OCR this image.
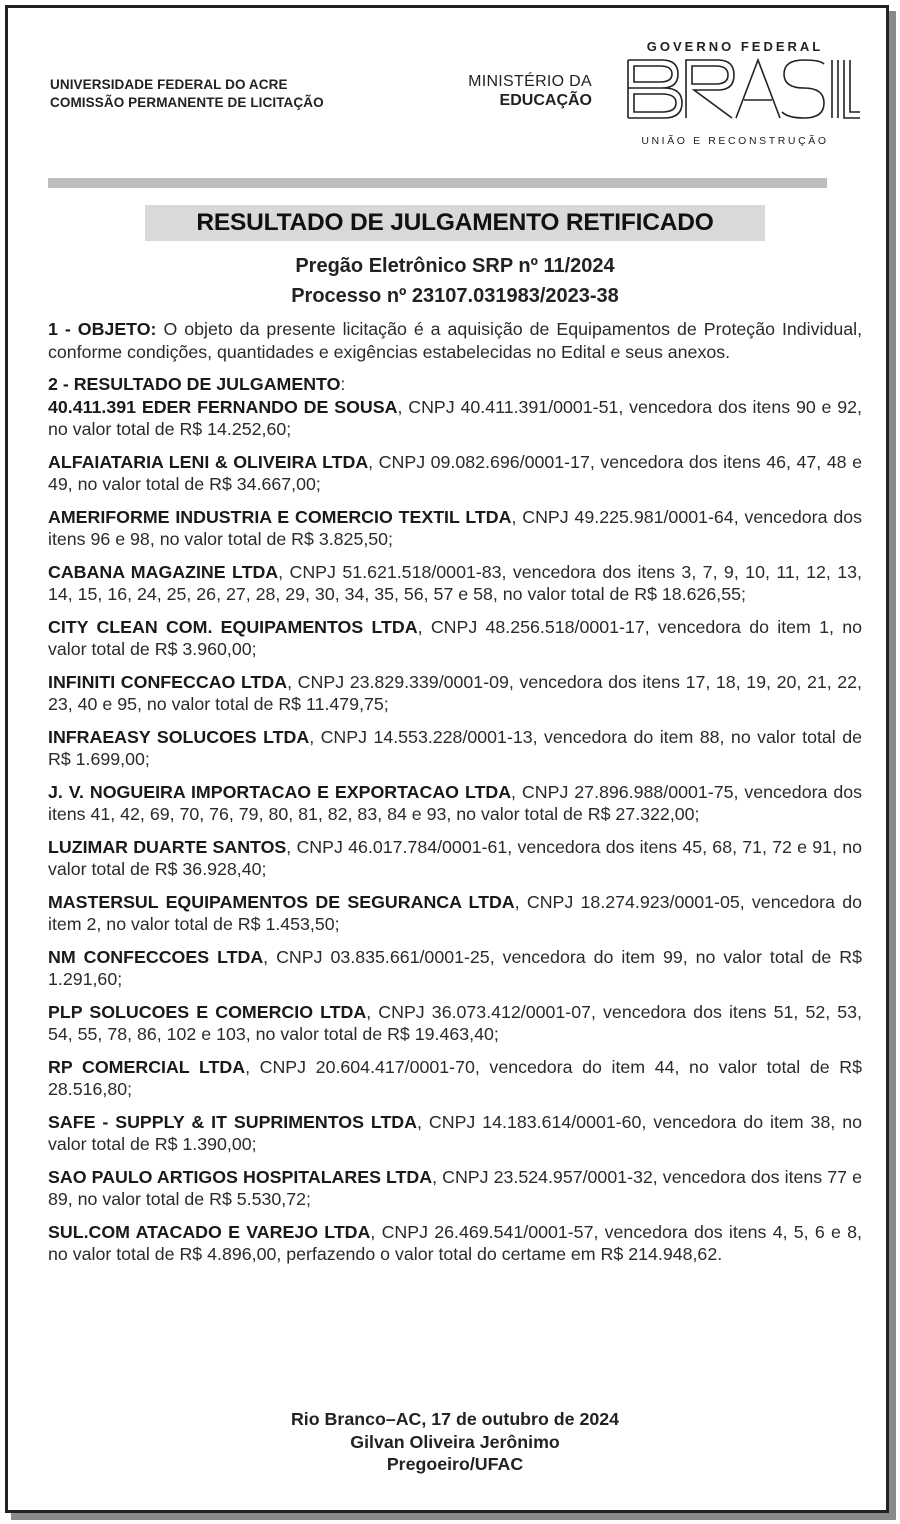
UNIVERSIDADE FEDERAL DO ACRE
COMISSÃO PERMANENTE DE LICITAÇÃO
MINISTÉRIO DA
EDUCAÇÃO
GOVERNO FEDERAL
UNIÃO E RECONSTRUÇÃO
RESULTADO DE JULGAMENTO RETIFICADO
Pregão Eletrônico SRP nº 11/2024
Processo nº 23107.031983/2023-38

1 - OBJETO: O objeto da presente licitação é a aquisição de Equipamentos de Proteção Individual, conforme condições, quantidades e exigências estabelecidas no Edital e seus anexos.

2 - RESULTADO DE JULGAMENTO:

40.411.391 EDER FERNANDO DE SOUSA, CNPJ 40.411.391/0001-51, vencedora dos itens 90 e 92, no valor total de R$ 14.252,60;

ALFAIATARIA LENI & OLIVEIRA LTDA, CNPJ 09.082.696/0001-17, vencedora dos itens 46, 47, 48 e 49, no valor total de R$ 34.667,00;

AMERIFORME INDUSTRIA E COMERCIO TEXTIL LTDA, CNPJ 49.225.981/0001-64, vencedora dos itens 96 e 98, no valor total de R$ 3.825,50;

CABANA MAGAZINE LTDA, CNPJ 51.621.518/0001-83, vencedora dos itens 3, 7, 9, 10, 11, 12, 13, 14, 15, 16, 24, 25, 26, 27, 28, 29, 30, 34, 35, 56, 57 e 58, no valor total de R$ 18.626,55;

CITY CLEAN COM. EQUIPAMENTOS LTDA, CNPJ 48.256.518/0001-17, vencedora do item 1, no valor total de R$ 3.960,00;

INFINITI CONFECCAO LTDA, CNPJ 23.829.339/0001-09, vencedora dos itens 17, 18, 19, 20, 21, 22, 23, 40 e 95, no valor total de R$ 11.479,75;

INFRAEASY SOLUCOES LTDA, CNPJ 14.553.228/0001-13, vencedora do item 88, no valor total de R$ 1.699,00;

J. V. NOGUEIRA IMPORTACAO E EXPORTACAO LTDA, CNPJ 27.896.988/0001-75, vencedora dos itens 41, 42, 69, 70, 76, 79, 80, 81, 82, 83, 84 e 93, no valor total de R$ 27.322,00;

LUZIMAR DUARTE SANTOS, CNPJ 46.017.784/0001-61, vencedora dos itens 45, 68, 71, 72 e 91, no valor total de R$ 36.928,40;

MASTERSUL EQUIPAMENTOS DE SEGURANCA LTDA, CNPJ 18.274.923/0001-05, vencedora do item 2, no valor total de R$ 1.453,50;

NM CONFECCOES LTDA, CNPJ 03.835.661/0001-25, vencedora do item 99, no valor total de R$ 1.291,60;

PLP SOLUCOES E COMERCIO LTDA, CNPJ 36.073.412/0001-07, vencedora dos itens 51, 52, 53, 54, 55, 78, 86, 102 e 103, no valor total de R$ 19.463,40;

RP COMERCIAL LTDA, CNPJ 20.604.417/0001-70, vencedora do item 44, no valor total de R$ 28.516,80;

SAFE - SUPPLY & IT SUPRIMENTOS LTDA, CNPJ 14.183.614/0001-60, vencedora do item 38, no valor total de R$ 1.390,00;

SAO PAULO ARTIGOS HOSPITALARES LTDA, CNPJ 23.524.957/0001-32, vencedora dos itens 77 e 89, no valor total de R$ 5.530,72;

SUL.COM ATACADO E VAREJO LTDA, CNPJ 26.469.541/0001-57, vencedora dos itens 4, 5, 6 e 8, no valor total de R$ 4.896,00, perfazendo o valor total do certame em R$ 214.948,62.

Rio Branco–AC, 17 de outubro de 2024
Gilvan Oliveira Jerônimo
Pregoeiro/UFAC
